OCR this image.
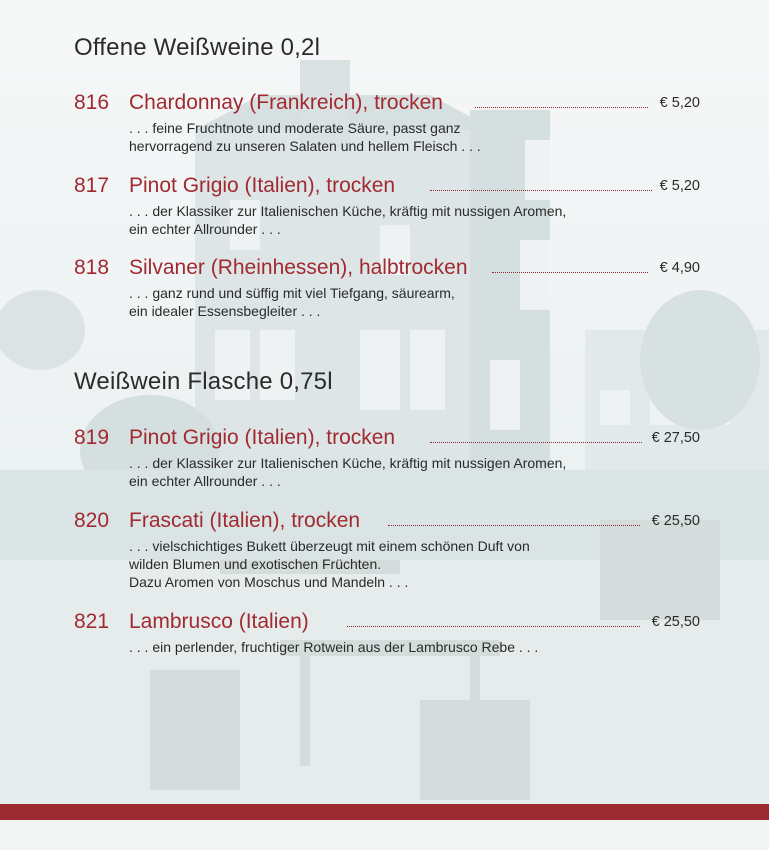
Offene Weißweine 0,2l
816 Chardonnay (Frankreich), trocken	€ 5,20
. . . feine Fruchtnote und moderate Säure, passt ganz
hervorragend zu unseren Salaten und hellem Fleisch . . .
817 Pinot Grigio (Italien), trocken	€ 5,20
. . . der Klassiker zur Italienischen Küche, kräftig mit nussigen Aromen,
ein echter Allrounder . . .
818 Silvaner (Rheinhessen), halbtrocken	€ 4,90
. . . ganz rund und süffig mit viel Tiefgang, säurearm,
ein idealer Essensbegleiter . . .
Weißwein Flasche 0,75l
819 Pinot Grigio (Italien), trocken	€ 27,50
. . . der Klassiker zur Italienischen Küche, kräftig mit nussigen Aromen,
ein echter Allrounder . . .
820 Frascati (Italien), trocken	€ 25,50
. . . vielschichtiges Bukett überzeugt mit einem schönen Duft von
wilden Blumen und exotischen Früchten.
Dazu Aromen von Moschus und Mandeln . . .
821 Lambrusco (Italien)	€ 25,50
. . . ein perlender, fruchtiger Rotwein aus der Lambrusco Rebe . . .
